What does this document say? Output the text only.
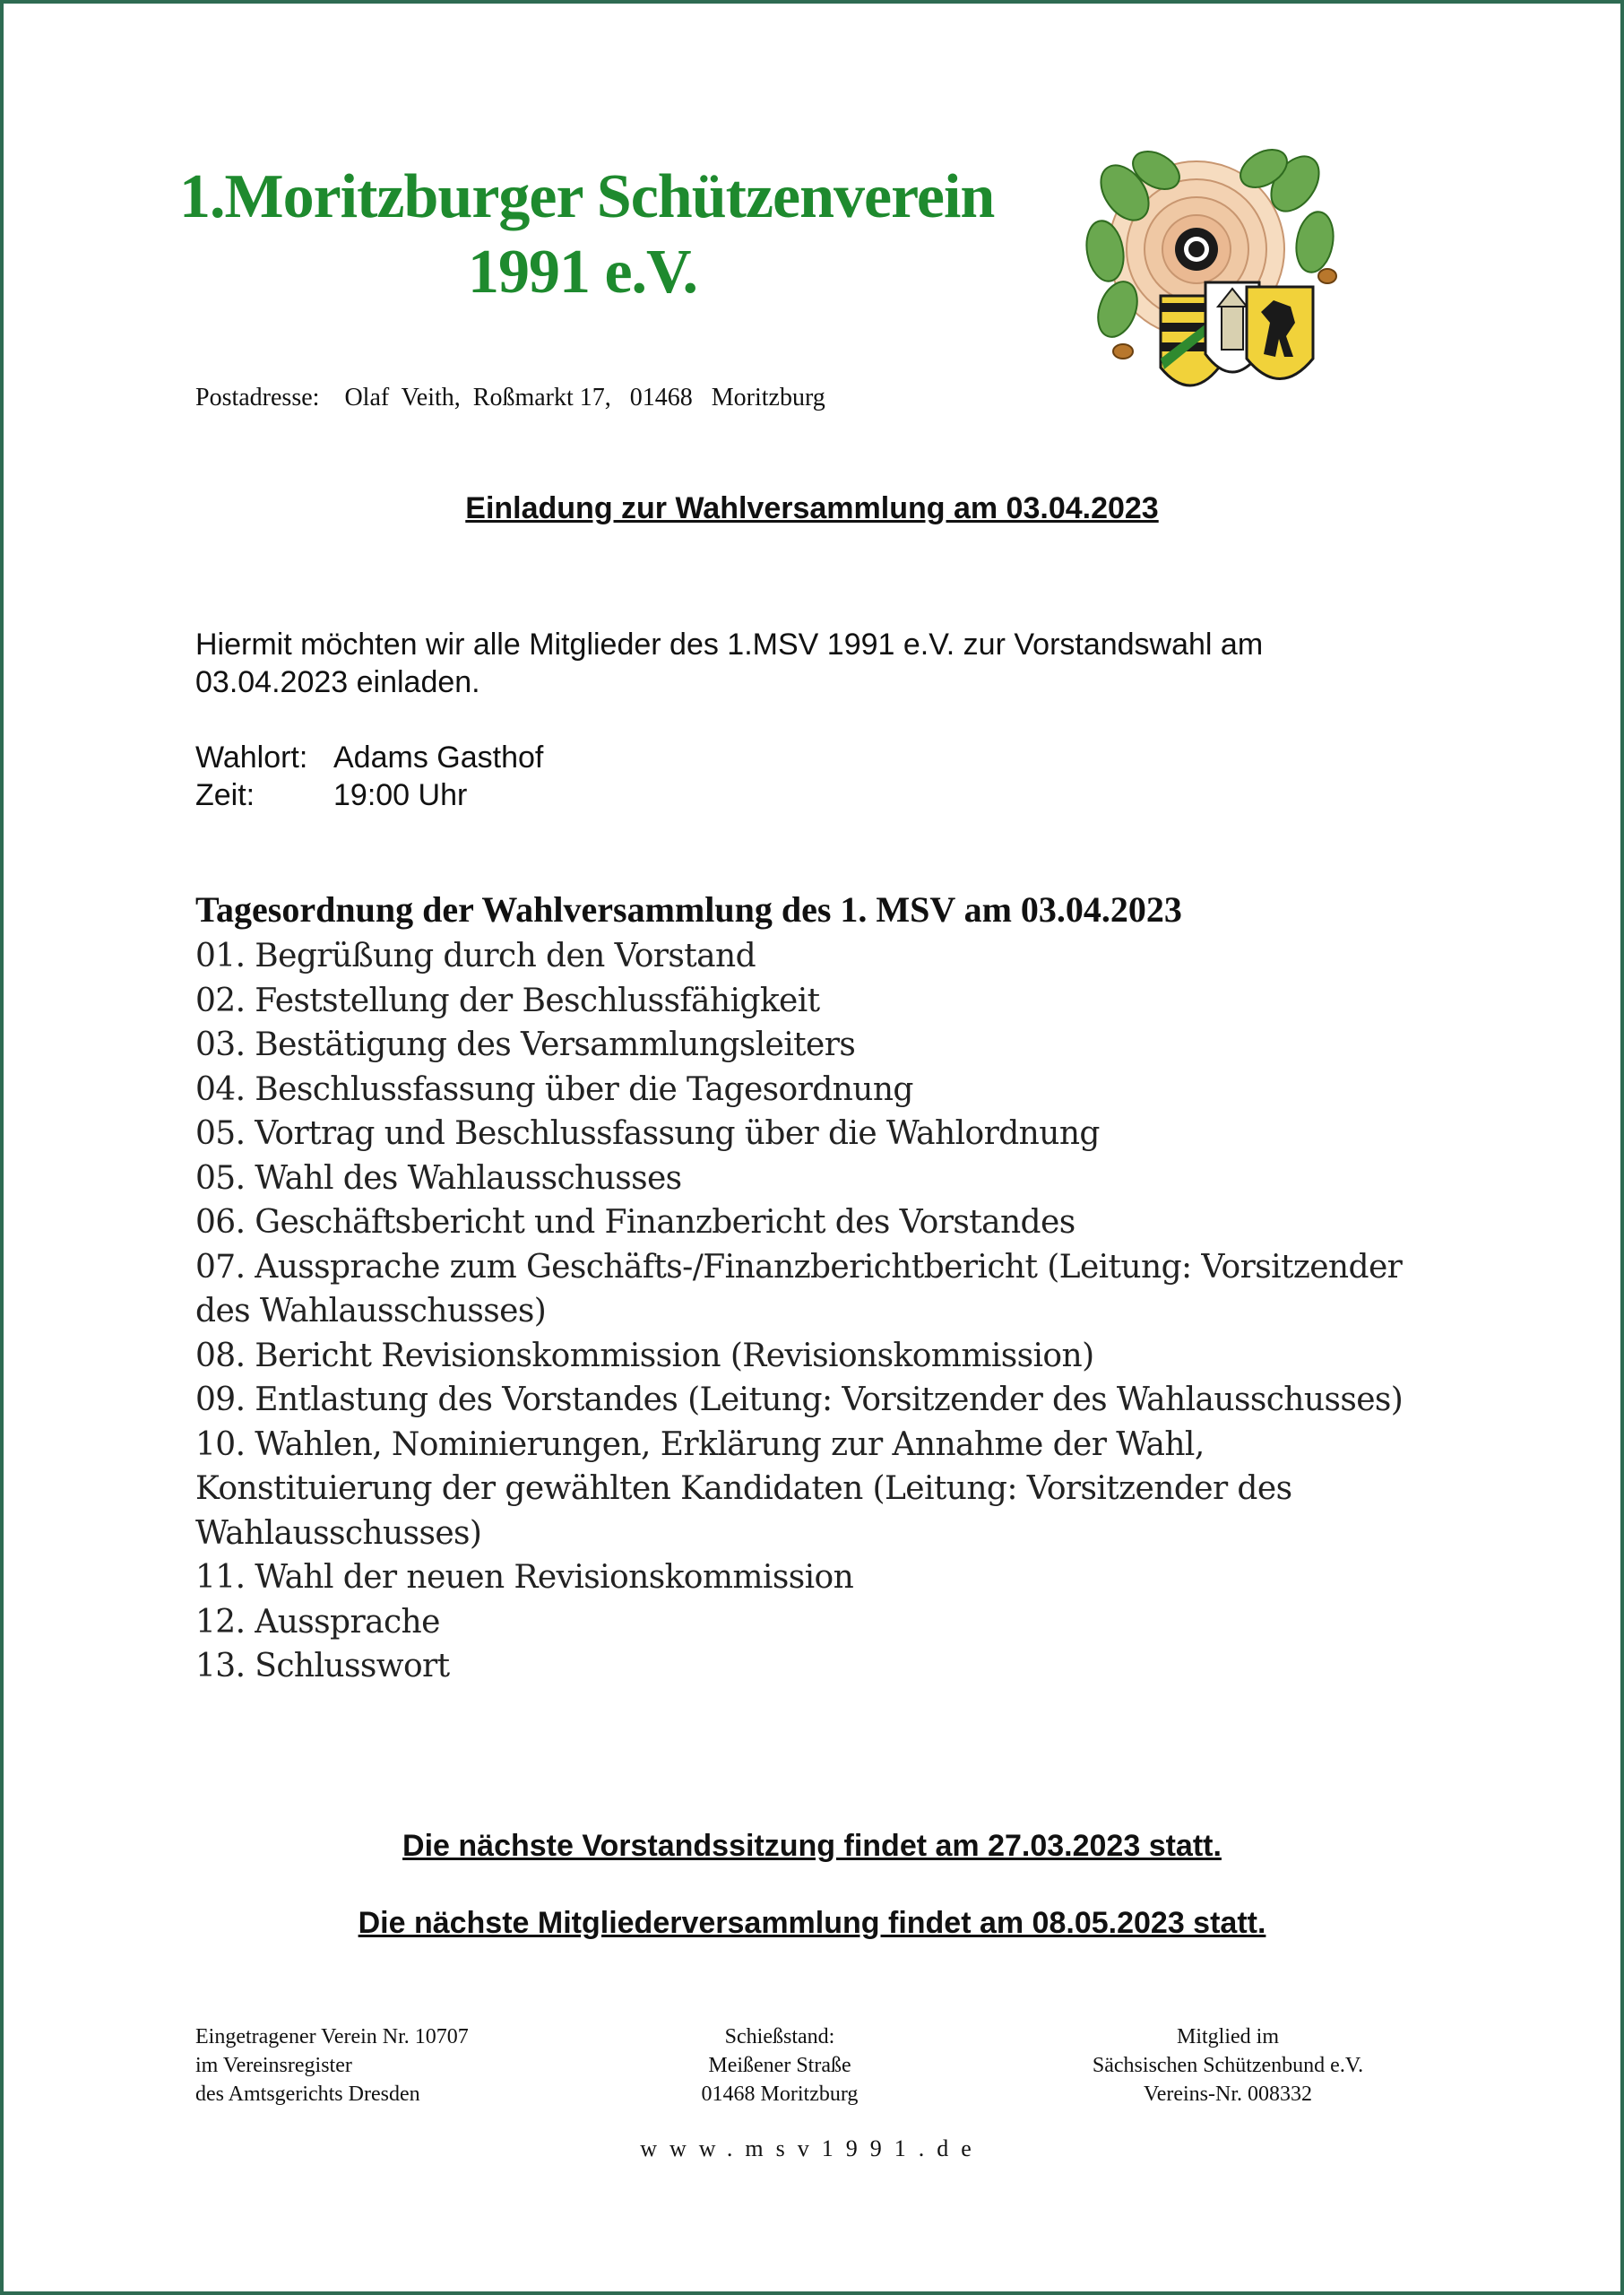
1.Moritzburger Schützenverein
1991 e.V.
Postadresse: Olaf  Veith,  Roßmarkt 17,   01468   Moritzburg
Einladung zur Wahlversammlung am 03.04.2023
Hiermit möchten wir alle Mitglieder des 1.MSV 1991 e.V. zur Vorstandswahl am 03.04.2023 einladen.
Wahlort: Adams Gasthof
Zeit:	19:00 Uhr
Tagesordnung der Wahlversammlung des 1. MSV am 03.04.2023

01. Begrüßung durch den Vorstand

02. Feststellung der Beschlussfähigkeit

03. Bestätigung des Versammlungsleiters

04. Beschlussfassung über die Tagesordnung

05. Vortrag und Beschlussfassung über die Wahlordnung

05. Wahl des Wahlausschusses

06. Geschäftsbericht und Finanzbericht des Vorstandes

07. Aussprache zum Geschäfts-/Finanzberichtbericht (Leitung: Vorsitzender des Wahlausschusses)

08. Bericht Revisionskommission (Revisionskommission)

09. Entlastung des Vorstandes (Leitung: Vorsitzender des Wahlausschusses)

10. Wahlen, Nominierungen, Erklärung zur Annahme der Wahl, Konstituierung der gewählten Kandidaten (Leitung: Vorsitzender des Wahlausschusses)

11. Wahl der neuen Revisionskommission

12. Aussprache

13. Schlusswort

Die nächste Vorstandssitzung findet am 27.03.2023 statt.
Die nächste Mitgliederversammlung findet am 08.05.2023 statt.
Eingetragener Verein Nr. 10707
im Vereinsregister
des Amtsgerichts Dresden
Schießstand:
Meißener Straße
01468 Moritzburg
Mitglied im
Sächsischen Schützenbund e.V.
Vereins-Nr. 008332
www.msv1991.de
